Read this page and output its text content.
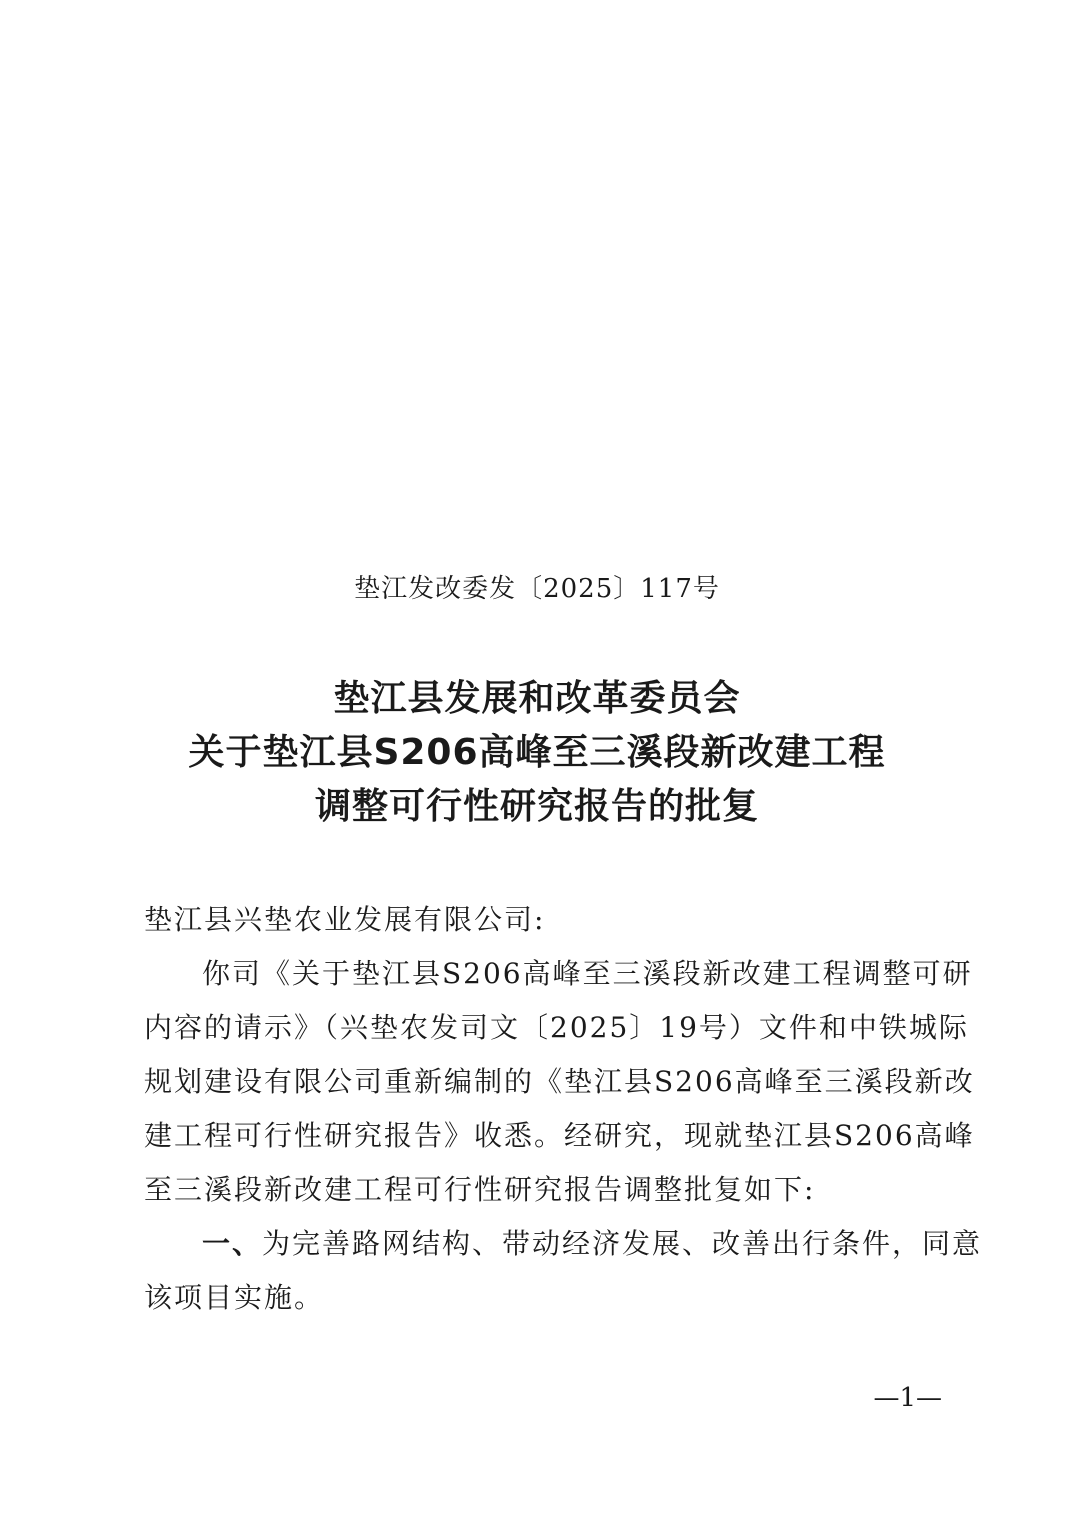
垫江发改委发〔2025〕117号
垫江县发展和改革委员会
关于垫江县S206高峰至三溪段新改建工程
调整可行性研究报告的批复

垫江县兴垫农业发展有限公司:

你司《关于垫江县S206高峰至三溪段新改建工程调整可研
内容的请示》（兴垫农发司文〔2025〕19号）文件和中铁城际
规划建设有限公司重新编制的《垫江县S206高峰至三溪段新改
建工程可行性研究报告》收悉。经研究，现就垫江县S206高峰
至三溪段新改建工程可行性研究报告调整批复如下:

一、为完善路网结构、带动经济发展、改善出行条件，同意
该项目实施。

—1—
